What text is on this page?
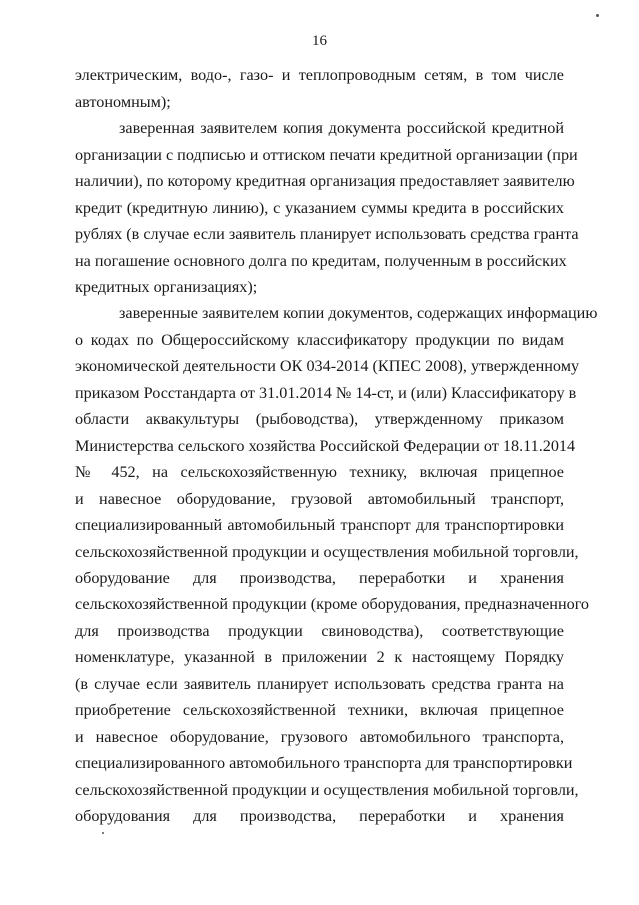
16
электрическим, водо-, газо- и теплопроводным сетям, в том числе
автономным);
заверенная заявителем копия документа российской кредитной
организации с подписью и оттиском печати кредитной организации (при
наличии), по которому кредитная организация предоставляет заявителю
кредит (кредитную линию), с указанием суммы кредита в российских
рублях (в случае если заявитель планирует использовать средства гранта
на погашение основного долга по кредитам, полученным в российских
кредитных организациях);
заверенные заявителем копии документов, содержащих информацию
о кодах по Общероссийскому классификатору продукции по видам
экономической деятельности ОК 034-2014 (КПЕС 2008), утвержденному
приказом Росстандарта от 31.01.2014 № 14-ст, и (или) Классификатору в
области аквакультуры (рыбоводства), утвержденному приказом
Министерства сельского хозяйства Российской Федерации от 18.11.2014
№ 452, на сельскохозяйственную технику, включая прицепное
и навесное оборудование, грузовой автомобильный транспорт,
специализированный автомобильный транспорт для транспортировки
сельскохозяйственной продукции и осуществления мобильной торговли,
оборудование для производства, переработки и хранения
сельскохозяйственной продукции (кроме оборудования, предназначенного
для производства продукции свиноводства), соответствующие
номенклатуре, указанной в приложении 2 к настоящему Порядку
(в случае если заявитель планирует использовать средства гранта на
приобретение сельскохозяйственной техники, включая прицепное
и навесное оборудование, грузового автомобильного транспорта,
специализированного автомобильного транспорта для транспортировки
сельскохозяйственной продукции и осуществления мобильной торговли,
оборудования для производства, переработки и хранения
